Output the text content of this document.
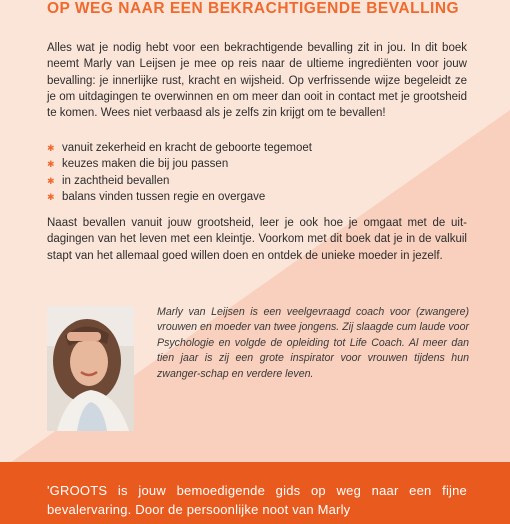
OP WEG NAAR EEN BEKRACHTIGENDE BEVALLING

Alles wat je nodig hebt voor een bekrachtigende bevalling zit in jou. In dit boek neemt Marly van Leijsen je mee op reis naar de ultieme ingrediënten voor jouw bevalling: je innerlijke rust, kracht en wijsheid. Op verfrissende wijze begeleidt ze je om uitdagingen te overwinnen en om meer dan ooit in contact met je grootsheid te komen. Wees niet verbaasd als je zelfs zin krijgt om te bevallen!

✱ vanuit zekerheid en kracht de geboorte tegemoet
✱ keuzes maken die bij jou passen
✱ in zachtheid bevallen
✱ balans vinden tussen regie en overgave

Naast bevallen vanuit jouw grootsheid, leer je ook hoe je omgaat met de uit-dagingen van het leven met een kleintje. Voorkom met dit boek dat je in de valkuil stapt van het allemaal goed willen doen en ontdek de unieke moeder in jezelf.

Marly van Leijsen is een veelgevraagd coach voor (zwangere) vrouwen en moeder van twee jongens. Zij slaagde cum laude voor Psychologie en volgde de opleiding tot Life Coach. Al meer dan tien jaar is zij een grote inspirator voor vrouwen tijdens hun zwanger-schap en verdere leven.

'GROOTS is jouw bemoedigende gids op weg naar een fijne bevalervaring. Door de persoonlijke noot van Marly
